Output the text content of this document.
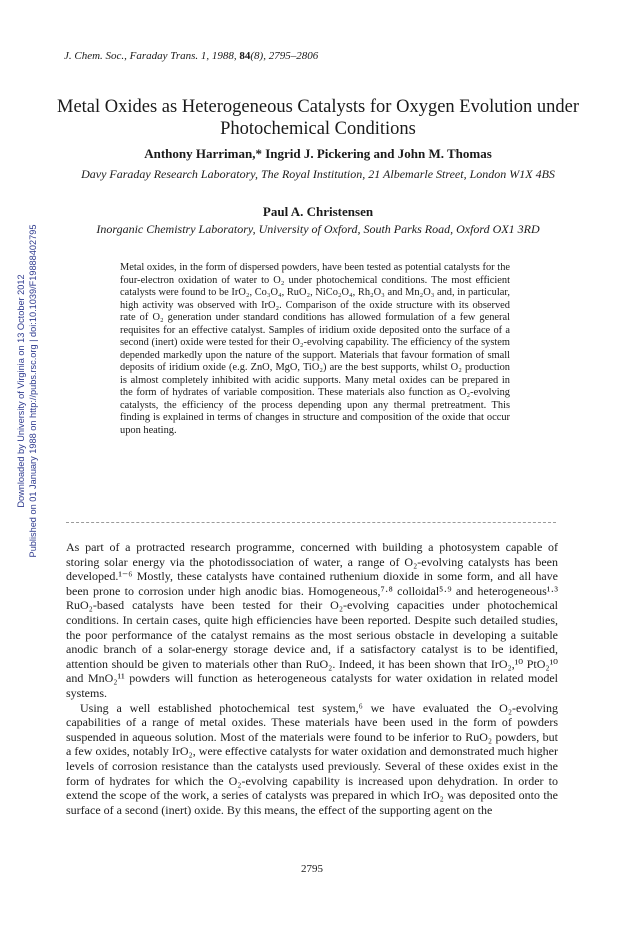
J. Chem. Soc., Faraday Trans. 1, 1988, 84(8), 2795–2806
Metal Oxides as Heterogeneous Catalysts for Oxygen Evolution under Photochemical Conditions
Anthony Harriman,* Ingrid J. Pickering and John M. Thomas
Davy Faraday Research Laboratory, The Royal Institution, 21 Albemarle Street, London W1X 4BS
Paul A. Christensen
Inorganic Chemistry Laboratory, University of Oxford, South Parks Road, Oxford OX1 3RD

Metal oxides, in the form of dispersed powders, have been tested as potential catalysts for the four-electron oxidation of water to O₂ under photochemical conditions. The most efficient catalysts were found to be IrO₂, Co₃O₄, RuO₂, NiCo₂O₄, Rh₂O₃ and Mn₂O₃ and, in particular, high activity was observed with IrO₂. Comparison of the oxide structure with its observed rate of O₂ generation under standard conditions has allowed formulation of a few general requisites for an effective catalyst. Samples of iridium oxide deposited onto the surface of a second (inert) oxide were tested for their O₂-evolving capability. The efficiency of the system depended markedly upon the nature of the support. Materials that favour formation of small deposits of iridium oxide (e.g. ZnO, MgO, TiO₂) are the best supports, whilst O₂ production is almost completely inhibited with acidic supports. Many metal oxides can be prepared in the form of hydrates of variable composition. These materials also function as O₂-evolving catalysts, the efficiency of the process depending upon any thermal pretreatment. This finding is explained in terms of changes in structure and composition of the oxide that occur upon heating.

As part of a protracted research programme, concerned with building a photosystem capable of storing solar energy via the photodissociation of water, a range of O₂-evolving catalysts has been developed.¹⁻⁶ Mostly, these catalysts have contained ruthenium dioxide in some form, and all have been prone to corrosion under high anodic bias. Homogeneous,⁷·⁸ colloidal⁵·⁹ and heterogeneous¹·³ RuO₂-based catalysts have been tested for their O₂-evolving capacities under photochemical conditions. In certain cases, quite high efficiencies have been reported. Despite such detailed studies, the poor performance of the catalyst remains as the most serious obstacle in developing a suitable anodic branch of a solar-energy storage device and, if a satisfactory catalyst is to be identified, attention should be given to materials other than RuO₂. Indeed, it has been shown that IrO₂,¹⁰ PtO₂¹⁰ and MnO₂¹¹ powders will function as heterogeneous catalysts for water oxidation in related model systems.

Using a well established photochemical test system,⁶ we have evaluated the O₂-evolving capabilities of a range of metal oxides. These materials have been used in the form of powders suspended in aqueous solution. Most of the materials were found to be inferior to RuO₂ powders, but a few oxides, notably IrO₂, were effective catalysts for water oxidation and demonstrated much higher levels of corrosion resistance than the catalysts used previously. Several of these oxides exist in the form of hydrates for which the O₂-evolving capability is increased upon dehydration. In order to extend the scope of the work, a series of catalysts was prepared in which IrO₂ was deposited onto the surface of a second (inert) oxide. By this means, the effect of the supporting agent on the

2795
Downloaded by University of Virginia on 13 October 2012 Published on 01 January 1988 on http://pubs.rsc.org | doi:10.1039/F19888402795
